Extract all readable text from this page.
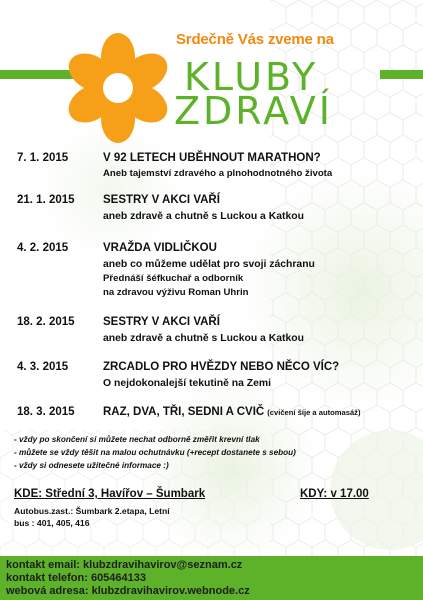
Srdečně Vás zveme na
KLUBY
ZDRAVÍ
7. 1. 2015	V 92 LETECH UBĚHNOUT MARATHON?
Aneb tajemství zdravého a plnohodnotného života
21. 1. 2015 SESTRY V AKCI VAŘÍ
aneb zdravě a chutně s Luckou a Katkou
4. 2. 2015	VRAŽDA VIDLIČKOU
aneb co můžeme udělat pro svoji záchranu
Přednáší šéfkuchař a odborník
na zdravou výživu Roman Uhrin
18. 2. 2015 SESTRY V AKCI VAŘÍ
aneb zdravě a chutně s Luckou a Katkou
4. 3. 2015	ZRCADLO PRO HVĚZDY NEBO NĚCO VÍC?
O nejdokonalejší tekutině na Zemi
18. 3. 2015 RAZ, DVA, TŘI, SEDNI A CVIČ (cvičení šíje a automasáž)
- vždy po skončení si můžete nechat odborně změřit krevní tlak
- můžete se vždy těšit na malou ochutnávku (+recept dostanete s sebou)
- vždy si odnesete užitečné informace :)
KDE: Střední 3, Havířov – Šumbark	KDY: v 17.00
Autobus.zast.: Šumbark 2.etapa, Letní
bus : 401, 405, 416
kontakt email: klubzdravihavirov@seznam.cz
kontakt telefon: 605464133
webová adresa: klubzdravihavirov.webnode.cz
